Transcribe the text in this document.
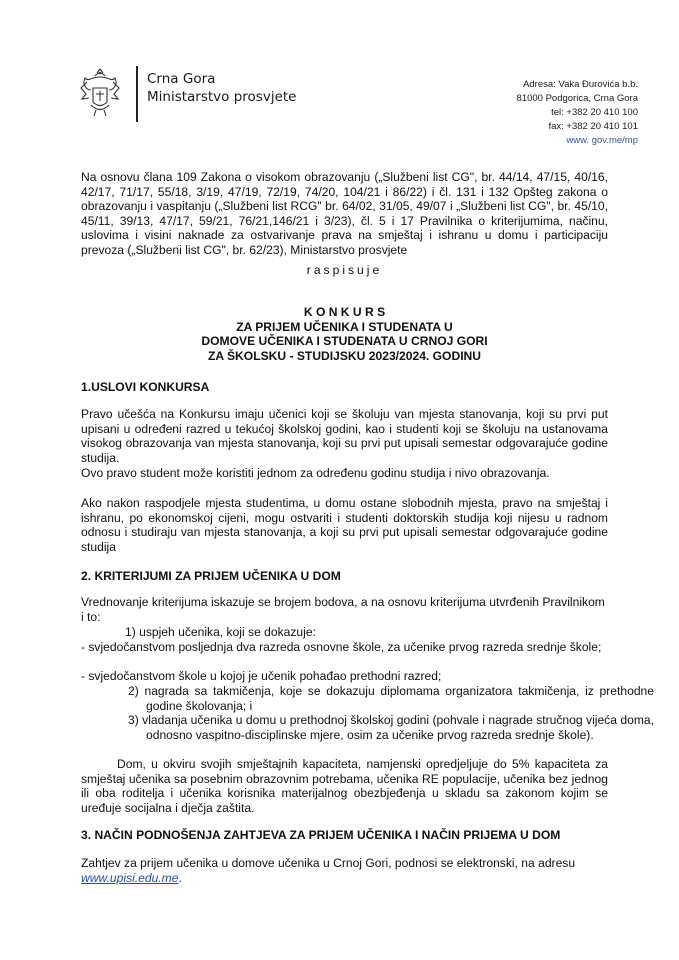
Crna Gora
Ministarstvo prosvjete
Adresa: Vaka Đurovića b.b.
81000 Podgorica, Crna Gora
tel: +382 20 410 100
fax: +382 20 410 101
www. gov.me/mp

Na osnovu člana 109 Zakona o visokom obrazovanju („Službeni list CG", br. 44/14, 47/15, 40/16, 42/17, 71/17, 55/18, 3/19, 47/19, 72/19, 74/20, 104/21 i 86/22) i čl. 131 i 132 Opšteg zakona o obrazovanju i vaspitanju („Službeni list RCG" br. 64/02, 31/05, 49/07 i „Službeni list CG", br. 45/10, 45/11, 39/13, 47/17, 59/21, 76/21,146/21 i 3/23), čl. 5 i 17 Pravilnika o kriterijumima, načinu, uslovima i visini naknade za ostvarivanje prava na smještaj i ishranu u domu i participaciju prevoza („Službeni list CG", br. 62/23), Ministarstvo prosvjete

raspisuje

K O N K U R S
ZA PRIJEM UČENIKA I STUDENATA U
DOMOVE UČENIKA I STUDENATA U CRNOJ GORI
ZA ŠKOLSKU - STUDIJSKU 2023/2024. GODINU

1.USLOVI KONKURSA

Pravo učešća na Konkursu imaju učenici koji se školuju van mjesta stanovanja, koji su prvi put upisani u određeni razred u tekućoj školskoj godini, kao i studenti koji se školuju na ustanovama visokog obrazovanja van mjesta stanovanja, koji su prvi put upisali semestar odgovarajuće godine studija.

Ovo pravo student može koristiti jednom za određenu godinu studija i nivo obrazovanja.

Ako nakon raspodjele mjesta studentima, u domu ostane slobodnih mjesta, pravo na smještaj i ishranu, po ekonomskoj cijeni, mogu ostvariti i studenti doktorskih studija koji nijesu u radnom odnosu i studiraju van mjesta stanovanja, a koji su prvi put upisali semestar odgovarajuće godine studija

2. KRITERIJUMI ZA PRIJEM UČENIKA U DOM

Vrednovanje kriterijuma iskazuje se brojem bodova, a na osnovu kriterijuma utvrđenih Pravilnikom i to:

1) uspjeh učenika, koji se dokazuje:

- svjedočanstvom posljednja dva razreda osnovne škole, za učenike prvog razreda srednje škole;

- svjedočanstvom škole u kojoj je učenik pohađao prethodni razred;

2) nagrada sa takmičenja, koje se dokazuju diplomama organizatora takmičenja, iz prethodne godine školovanja; i

3) vladanja učenika u domu u prethodnoj školskoj godini (pohvale i nagrade stručnog vijeća doma, odnosno vaspitno-disciplinske mjere, osim za učenike prvog razreda srednje škole).

Dom, u okviru svojih smještajnih kapaciteta, namjenski opredjeljuje do 5% kapaciteta za smještaj učenika sa posebnim obrazovnim potrebama, učenika RE populacije, učenika bez jednog ili oba roditelja i učenika korisnika materijalnog obezbjeđenja u skladu sa zakonom kojim se uređuje socijalna i dječja zaštita.

3. NAČIN PODNOŠENJA ZAHTJEVA ZA PRIJEM UČENIKA I NAČIN PRIJEMA U DOM

Zahtjev za prijem učenika u domove učenika u Crnoj Gori, podnosi se elektronski, na adresu
www.upisi.edu.me.
